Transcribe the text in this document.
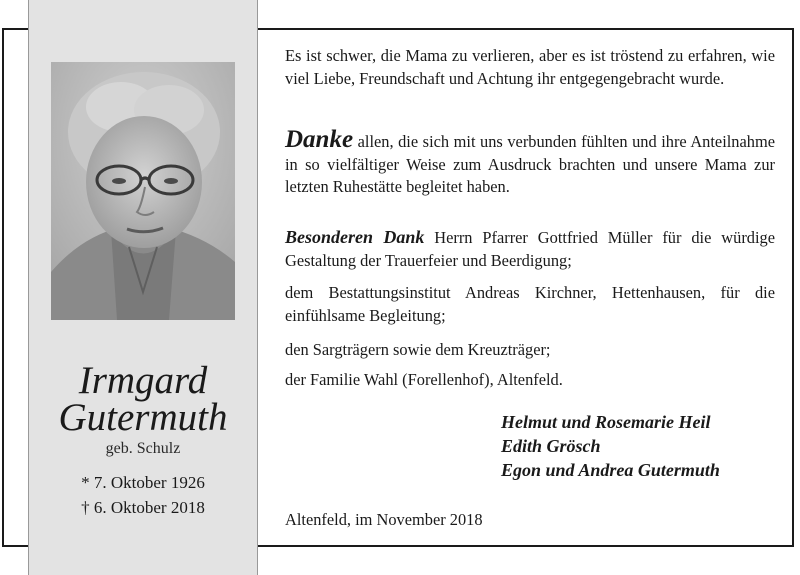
Irmgard
Gutermuth
geb. Schulz
* 7. Oktober 1926
† 6. Oktober 2018
Es ist schwer, die Mama zu verlieren, aber es ist tröstend zu erfahren, wie viel Liebe, Freundschaft und Achtung ihr entgegengebracht wurde.
Danke allen, die sich mit uns verbunden fühlten und ihre Anteilnahme in so vielfältiger Weise zum Ausdruck brachten und unsere Mama zur letzten Ruhestätte begleitet haben.
Besonderen Dank Herrn Pfarrer Gottfried Müller für die würdige Gestaltung der Trauerfeier und Beerdigung;
dem Bestattungsinstitut Andreas Kirchner, Hettenhausen, für die einfühlsame Begleitung;
den Sargträgern sowie dem Kreuzträger;
der Familie Wahl (Forellenhof), Altenfeld.
Helmut und Rosemarie Heil
Edith Grösch
Egon und Andrea Gutermuth
Altenfeld, im November 2018
